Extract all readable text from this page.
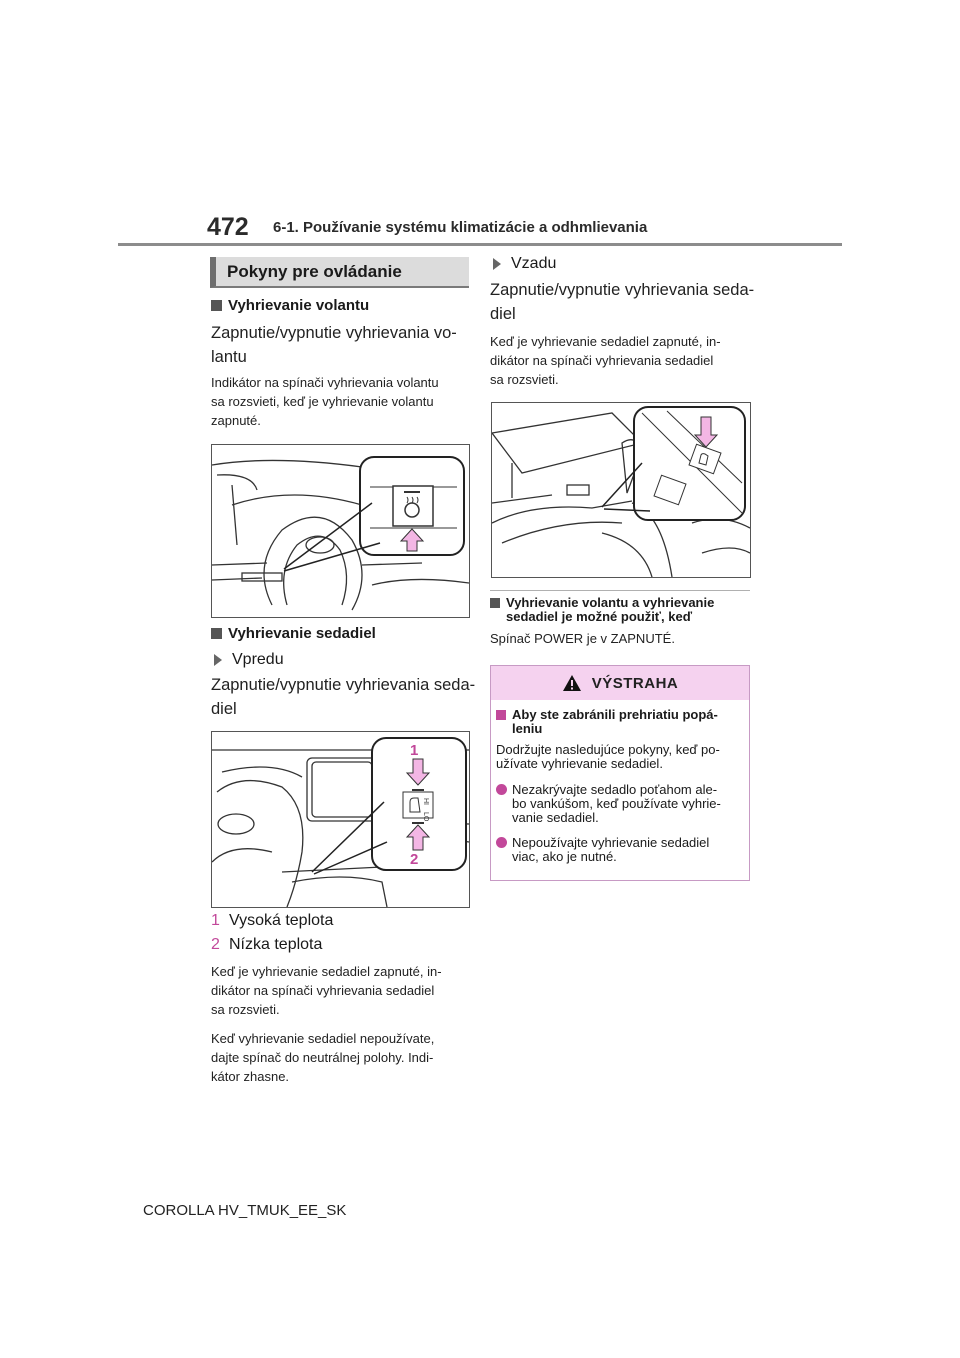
472 6-1. Používanie systému klimatizácie a odhmlievania
Pokyny pre ovládanie
Vyhrievanie volantu
Zapnutie/vypnutie vyhrievania vo-
lantu
Indikátor na spínači vyhrievania volantu
sa rozsvieti, keď je vyhrievanie volantu
zapnuté.
Vyhrievanie sedadiel
Vpredu
Zapnutie/vypnutie vyhrievania seda-
diel
HI
LO
1
2
1 Vysoká teplota
2 Nízka teplota
Keď je vyhrievanie sedadiel zapnuté, in-
dikátor na spínači vyhrievania sedadiel
sa rozsvieti.
Keď vyhrievanie sedadiel nepoužívate,
dajte spínač do neutrálnej polohy. Indi-
kátor zhasne.
Vzadu
Zapnutie/vypnutie vyhrievania seda-
diel
Keď je vyhrievanie sedadiel zapnuté, in-
dikátor na spínači vyhrievania sedadiel
sa rozsvieti.
Vyhrievanie volantu a vyhrievanie
sedadiel je možné použiť, keď
Spínač POWER je v ZAPNUTÉ.
VÝSTRAHA
Aby ste zabránili prehriatiu popá-
leniu
Dodržujte nasledujúce pokyny, keď po-
užívate vyhrievanie sedadiel.
Nezakrývajte sedadlo poťahom ale-
bo vankúšom, keď používate vyhrie-
vanie sedadiel.
Nepoužívajte vyhrievanie sedadiel
viac, ako je nutné.
COROLLA HV_TMUK_EE_SK
